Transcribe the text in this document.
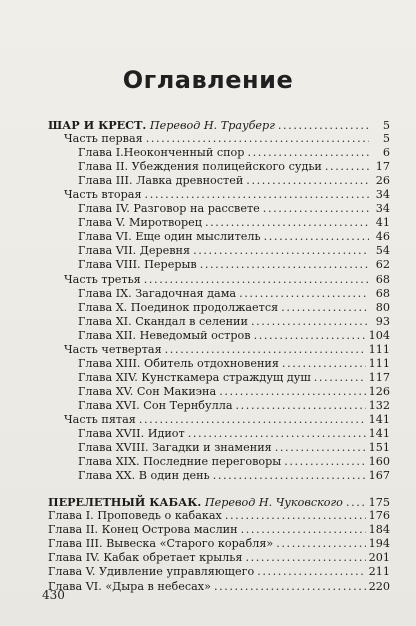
Оглавление
ШАР И КРЕСТ. Перевод Н. Трауберг .....	5
Часть первая .....	5
Глава I.Неоконченный спор .....	6
Глава II. Убеждения полицейского судьи .....	17
Глава III. Лавка древностей .....	26
Часть вторая .....	34
Глава IV. Разговор на рассвете .....	34
Глава V. Миротворец .....	41
Глава VI. Еще один мыслитель .....	46
Глава VII. Деревня .....	54
Глава VIII. Перерыв .....	62
Часть третья .....	68
Глава IX. Загадочная дама .....	68
Глава X. Поединок продолжается .....	80
Глава XI. Скандал в селении .....	93
Глава XII. Неведомый остров .....	104
Часть четвертая .....	111
Глава XIII. Обитель отдохновения .....	111
Глава XIV. Кунсткамера страждущ душ .....	117
Глава XV. Сон Макиэна .....	126
Глава XVI. Сон Тернбулла .....	132
Часть пятая .....	141
Глава XVII. Идиот .....	141
Глава XVIII. Загадки и знамения .....	151
Глава XIX. Последние переговоры .....	160
Глава XX. В один день .....	167
ПЕРЕЛЕТНЫЙ КАБАК. Перевод Н. Чуковского ..... 175
Глава I. Проповедь о кабаках .....	176
Глава II. Конец Острова маслин .....	184
Глава III. Вывеска «Старого корабля» .....	194
Глава IV. Кабак обретает крылья .....	201
Глава V. Удивление управляющего .....	211
Глава VI. «Дыра в небесах» .....	220
430
